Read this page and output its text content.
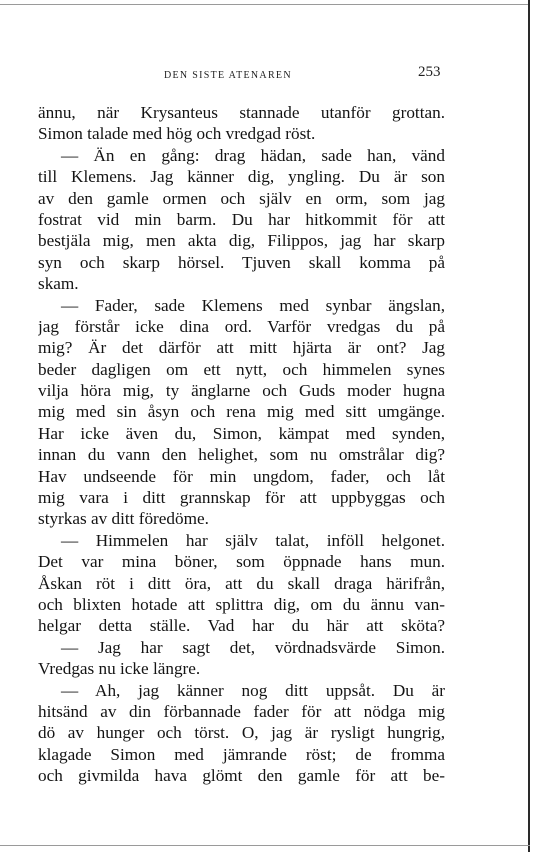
DEN SISTE ATENAREN	253
ännu, när Krysanteus stannade utanför grottan.
Simon talade med hög och vredgad röst.
— Än en gång: drag hädan, sade han, vänd
till Klemens. Jag känner dig, yngling. Du är son
av den gamle ormen och själv en orm, som jag
fostrat vid min barm. Du har hitkommit för att
bestjäla mig, men akta dig, Filippos, jag har skarp
syn och skarp hörsel. Tjuven skall komma på
skam.
— Fader, sade Klemens med synbar ängslan,
jag förstår icke dina ord. Varför vredgas du på
mig? Är det därför att mitt hjärta är ont? Jag
beder dagligen om ett nytt, och himmelen synes
vilja höra mig, ty änglarne och Guds moder hugna
mig med sin åsyn och rena mig med sitt umgänge.
Har icke även du, Simon, kämpat med synden,
innan du vann den helighet, som nu omstrålar dig?
Hav undseende för min ungdom, fader, och låt
mig vara i ditt grannskap för att uppbyggas och
styrkas av ditt föredöme.
— Himmelen har själv talat, inföll helgonet.
Det var mina böner, som öppnade hans mun.
Åskan röt i ditt öra, att du skall draga härifrån,
och blixten hotade att splittra dig, om du ännu van-
helgar detta ställe. Vad har du här att sköta?
— Jag har sagt det, vördnadsvärde Simon.
Vredgas nu icke längre.
— Ah, jag känner nog ditt uppsåt. Du är
hitsänd av din förbannade fader för att nödga mig
dö av hunger och törst. O, jag är rysligt hungrig,
klagade Simon med jämrande röst; de fromma
och givmilda hava glömt den gamle för att be-
